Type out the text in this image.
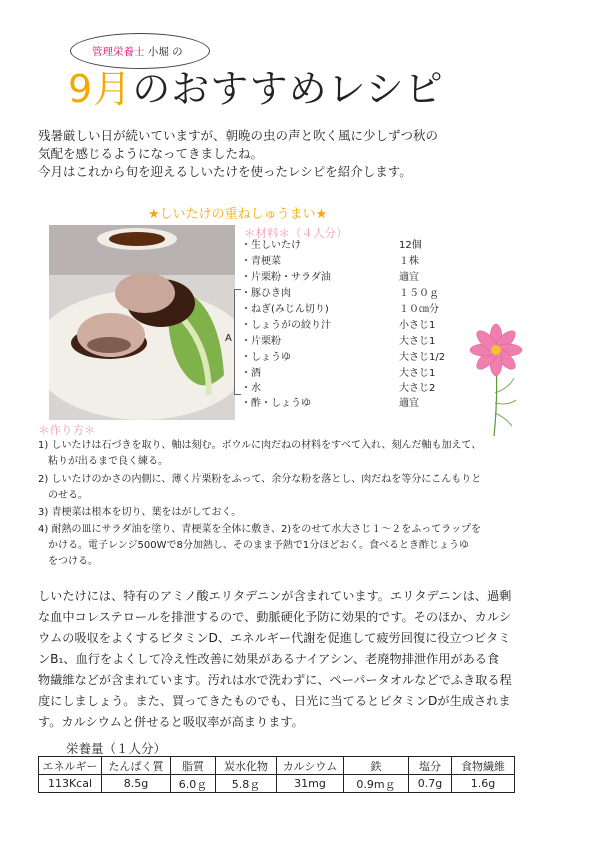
管理栄養士 小堀 の
9月のおすすめレシピ
残暑厳しい日が続いていますが、朝晩の虫の声と吹く風に少しずつ秋の
気配を感じるようになってきましたね。
今月はこれから旬を迎えるしいたけを使ったレシピを紹介します。
★しいたけの重ねしゅうまい★
＊材料＊（４人分）
・生しいたけ	12個
・青梗菜	１株
・片栗粉・サラダ油	適宜
・豚ひき肉	１５０ｇ
・ねぎ(みじん切り)	１０㎝分
・しょうがの絞り汁	小さじ1
・片栗粉	大さじ1
・しょうゆ	大さじ1/2
・酒	大さじ1
・水	大さじ2
・酢・しょうゆ	適宜
A
＊作り方＊
1) しいたけは石づきを取り、軸は刻む。ボウルに肉だねの材料をすべて入れ、刻んだ軸も加えて、
　粘りが出るまで良く練る。
2) しいたけのかさの内側に、薄く片栗粉をふって、余分な粉を落とし、肉だねを等分にこんもりと
　のせる。
3) 青梗菜は根本を切り、葉をはがしておく。
4) 耐熱の皿にサラダ油を塗り、青梗菜を全体に敷き、2)をのせて水大さじ１～２をふってラップを
　かける。電子レンジ500Wで8分加熱し、そのまま予熱で1分ほどおく。食べるとき酢じょうゆ
　をつける。
しいたけには、特有のアミノ酸エリタデニンが含まれています。エリタデニンは、過剰
な血中コレステロールを排泄するので、動脈硬化予防に効果的です。そのほか、カルシ
ウムの吸収をよくするビタミンD、エネルギー代謝を促進して疲労回復に役立つビタミ
ンB₁、血行をよくして冷え性改善に効果があるナイアシン、老廃物排泄作用がある食
物繊維などが含まれています。汚れは水で洗わずに、ペーパータオルなどでふき取る程
度にしましょう。また、買ってきたものでも、日光に当てるとビタミンDが生成されま
す。カルシウムと併せると吸収率が高まります。
栄養量（１人分）
エネルギー	たんぱく質	脂質	炭水化物	カルシウム	鉄	塩分	食物繊維
113Kcal	8.5g	6.0ｇ	5.8ｇ	31mg	0.9mｇ	0.7g	1.6g
